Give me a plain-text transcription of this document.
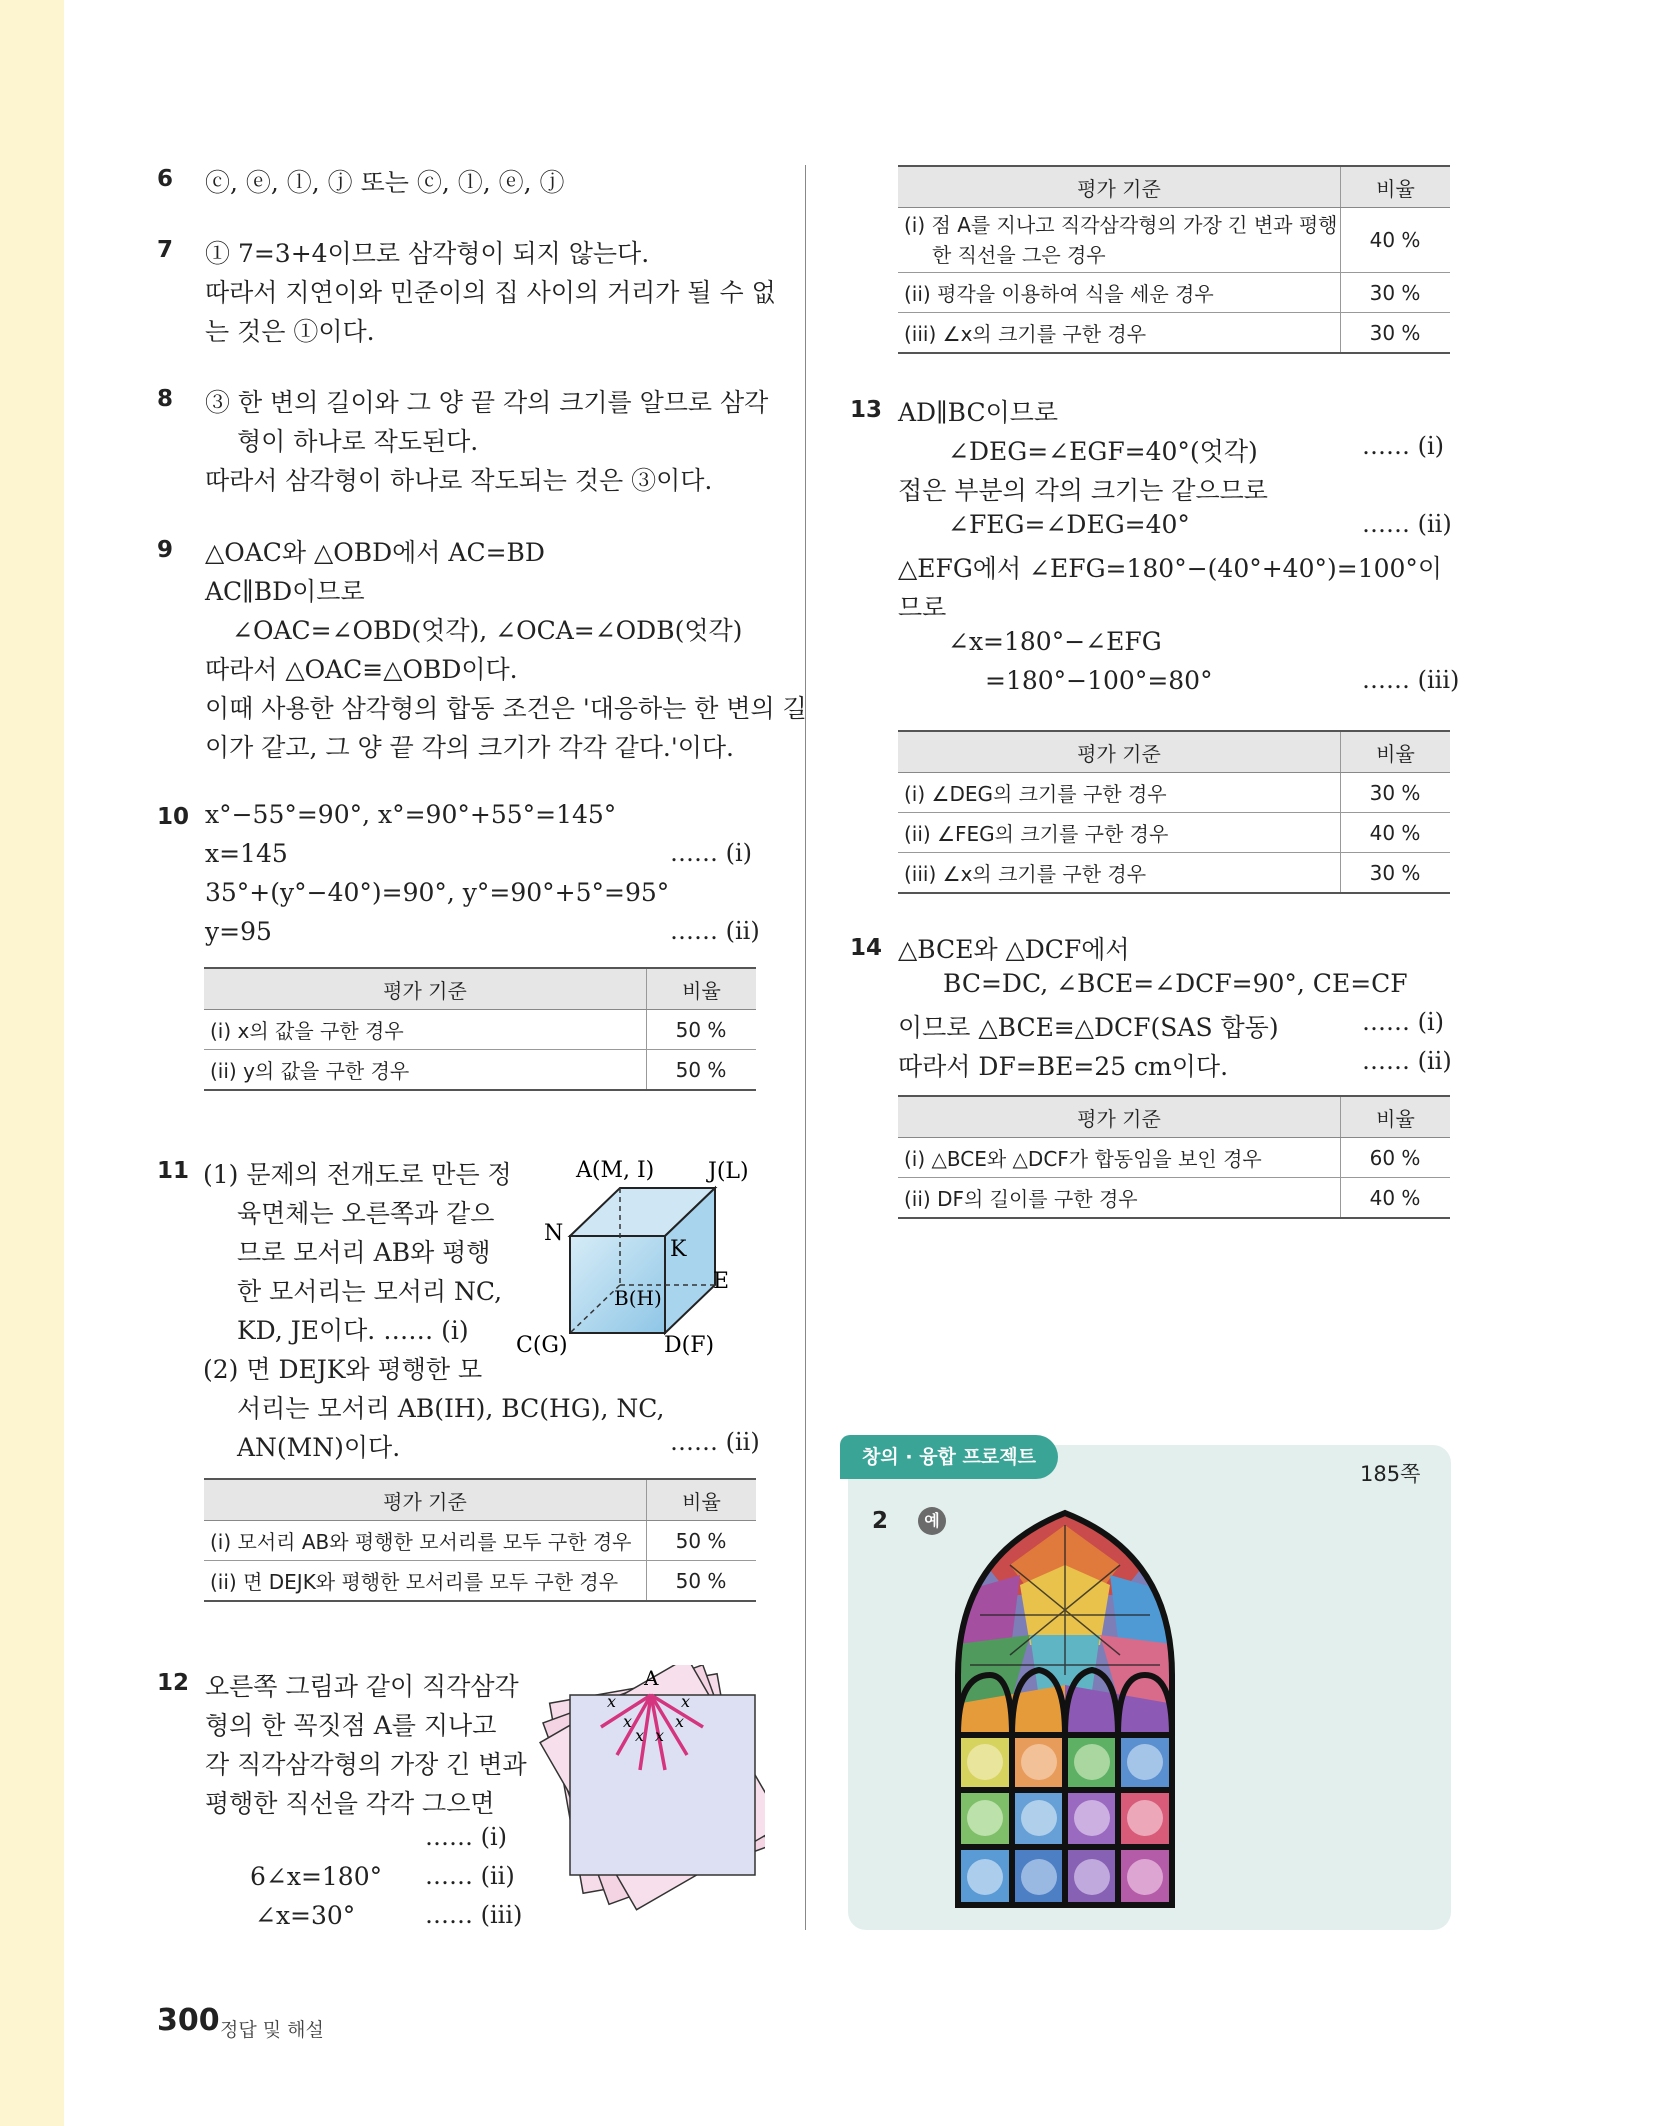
6 ⓒ, ⓔ, ⓛ, ⓙ 또는 ⓒ, ⓛ, ⓔ, ⓙ
7 ① 7=3+4이므로 삼각형이 되지 않는다.
따라서 지연이와 민준이의 집 사이의 거리가 될 수 없
는 것은 ①이다.
8 ③ 한 변의 길이와 그 양 끝 각의 크기를 알므로 삼각
형이 하나로 작도된다.
따라서 삼각형이 하나로 작도되는 것은 ③이다.
9 △OAC와 △OBD에서 AC=BD
AC∥BD이므로
∠OAC=∠OBD(엇각), ∠OCA=∠ODB(엇각)
따라서 △OAC≡△OBD이다.
이때 사용한 삼각형의 합동 조건은 '대응하는 한 변의 길
이가 같고, 그 양 끝 각의 크기가 각각 같다.'이다.
10 x°−55°=90°, x°=90°+55°=145°
x=145	…… (i)
35°+(y°−40°)=90°, y°=90°+5°=95°
y=95	…… (ii)
평가 기준	비율
(i) x의 값을 구한 경우	50 %
(ii) y의 값을 구한 경우	50 %
11 (1) 문제의 전개도로 만든 정
육면체는 오른쪽과 같으
므로 모서리 AB와 평행
한 모서리는 모서리 NC,
KD, JE이다. …… (i)
(2) 면 DEJK와 평행한 모
서리는 모서리 AB(IH), BC(HG), NC,
AN(MN)이다.	…… (ii)
A(M, I) J(L)
N
K
E
B(H)
C(G)	D(F)
평가 기준	비율
(i) 모서리 AB와 평행한 모서리를 모두 구한 경우	50 %
(ii) 면 DEJK와 평행한 모서리를 모두 구한 경우	50 %
12 오른쪽 그림과 같이 직각삼각
형의 한 꼭짓점 A를 지나고
각 직각삼각형의 가장 긴 변과
평행한 직선을 각각 그으면
…… (i)
6∠x=180° …… (ii)
∠x=30°	…… (iii)
A
x
x
x x
x
x
평가 기준	비율

(i) 점 A를 지나고 직각삼각형의 가장 긴 변과 평행
한 직선을 그은 경우	40 %
(ii) 평각을 이용하여 식을 세운 경우	30 %
(iii) ∠x의 크기를 구한 경우	30 %
13 AD∥BC이므로
∠DEG=∠EGF=40°(엇각)	…… (i)
접은 부분의 각의 크기는 같으므로
∠FEG=∠DEG=40°	…… (ii)
△EFG에서 ∠EFG=180°−(40°+40°)=100°이
므로
∠x=180°−∠EFG
=180°−100°=80°	…… (iii)
평가 기준	비율
(i) ∠DEG의 크기를 구한 경우	30 %
(ii) ∠FEG의 크기를 구한 경우	40 %
(iii) ∠x의 크기를 구한 경우	30 %
14 △BCE와 △DCF에서
BC=DC, ∠BCE=∠DCF=90°, CE=CF
이므로 △BCE≡△DCF(SAS 합동)	…… (i)
따라서 DF=BE=25 cm이다.	…… (ii)
평가 기준	비율
(i) △BCE와 △DCF가 합동임을 보인 경우	60 %
(ii) DF의 길이를 구한 경우	40 %
창의 · 융합 프로젝트
185쪽
2	예
300 정답 및 해설
